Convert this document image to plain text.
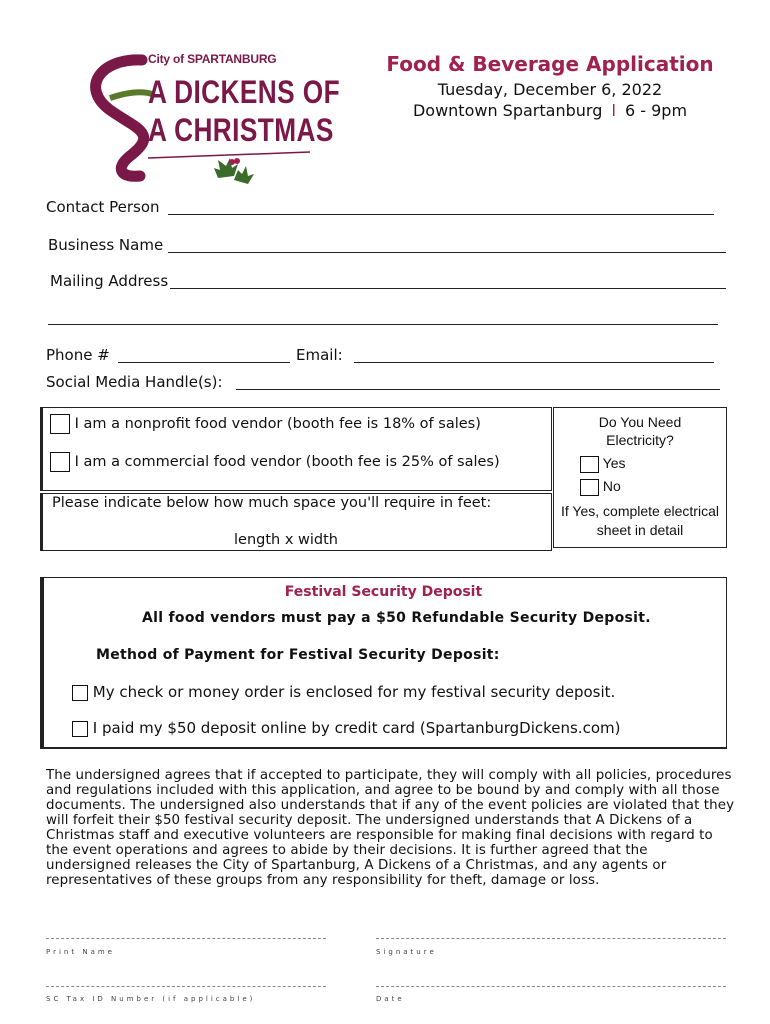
City of SPARTANBURG
A DICKENS OF
A CHRISTMAS
Food & Beverage Application
Tuesday, December 6, 2022
Downtown Spartanburg l 6 - 9pm
Contact Person
Business Name
Mailing Address
Phone #	Email:
Social Media Handle(s):
I am a nonprofit food vendor (booth fee is 18% of sales)
I am a commercial food vendor (booth fee is 25% of sales)
Please indicate below how much space you'll require in feet:
length x width
Do You Need Electricity?
Yes
No
If Yes, complete electrical sheet in detail
Festival Security Deposit
All food vendors must pay a $50 Refundable Security Deposit.
Method of Payment for Festival Security Deposit:
My check or money order is enclosed for my festival security deposit.
I paid my $50 deposit online by credit card (SpartanburgDickens.com)
The undersigned agrees that if accepted to participate, they will comply with all policies, procedures and regulations included with this application, and agree to be bound by and comply with all those documents. The undersigned also understands that if any of the event policies are violated that they will forfeit their $50 festival security deposit. The undersigned understands that A Dickens of a Christmas staff and executive volunteers are responsible for making final decisions with regard to the event operations and agrees to abide by their decisions. It is further agreed that the undersigned releases the City of Spartanburg, A Dickens of a Christmas, and any agents or representatives of these groups from any responsibility for theft, damage or loss.
Print Name	Signature
SC Tax ID Number (if applicable)	Date
